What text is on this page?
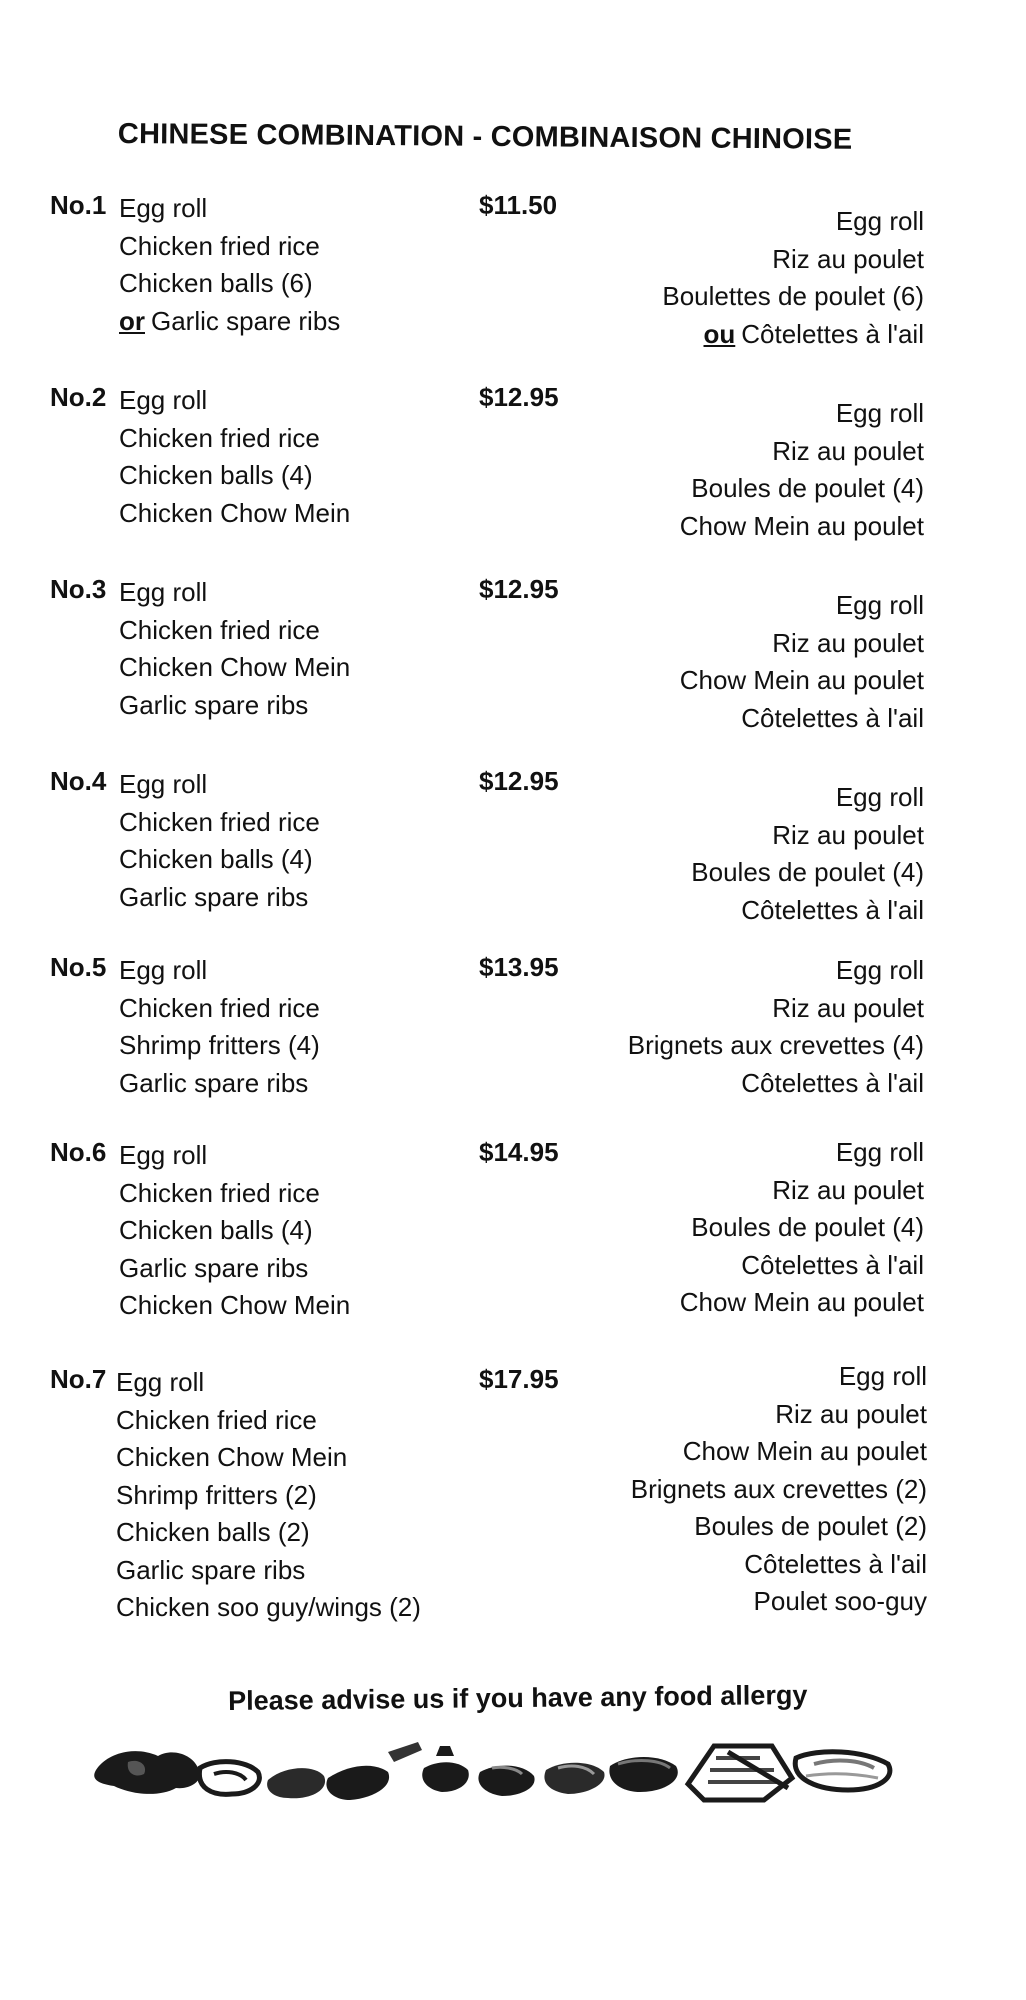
CHINESE COMBINATION - COMBINAISON CHINOISE
No.1	$11.50
Egg roll
Chicken fried rice
Chicken balls (6)
or Garlic spare ribs
Egg roll
Riz au poulet
Boulettes de poulet (6)
ou Côtelettes à l'ail
No.2	$12.95
Egg roll
Chicken fried rice
Chicken balls (4)
Chicken Chow Mein
Egg roll
Riz au poulet
Boules de poulet (4)
Chow Mein au poulet
No.3	$12.95
Egg roll
Chicken fried rice
Chicken Chow Mein
Garlic spare ribs
Egg roll
Riz au poulet
Chow Mein au poulet
Côtelettes à l'ail
No.4	$12.95
Egg roll
Chicken fried rice
Chicken balls (4)
Garlic spare ribs
Egg roll
Riz au poulet
Boules de poulet (4)
Côtelettes à l'ail
No.5	$13.95
Egg roll
Chicken fried rice
Shrimp fritters (4)
Garlic spare ribs
Egg roll
Riz au poulet
Brignets aux crevettes (4)
Côtelettes à l'ail
No.6	$14.95
Egg roll
Chicken fried rice
Chicken balls (4)
Garlic spare ribs
Chicken Chow Mein
Egg roll
Riz au poulet
Boules de poulet (4)
Côtelettes à l'ail
Chow Mein au poulet
No.7	$17.95
Egg roll
Chicken fried rice
Chicken Chow Mein
Shrimp fritters (2)
Chicken balls (2)
Garlic spare ribs
Chicken soo guy/wings (2)
Egg roll
Riz au poulet
Chow Mein au poulet
Brignets aux crevettes (2)
Boules de poulet (2)
Côtelettes à l'ail
Poulet soo-guy
Please advise us if you have any food allergy
